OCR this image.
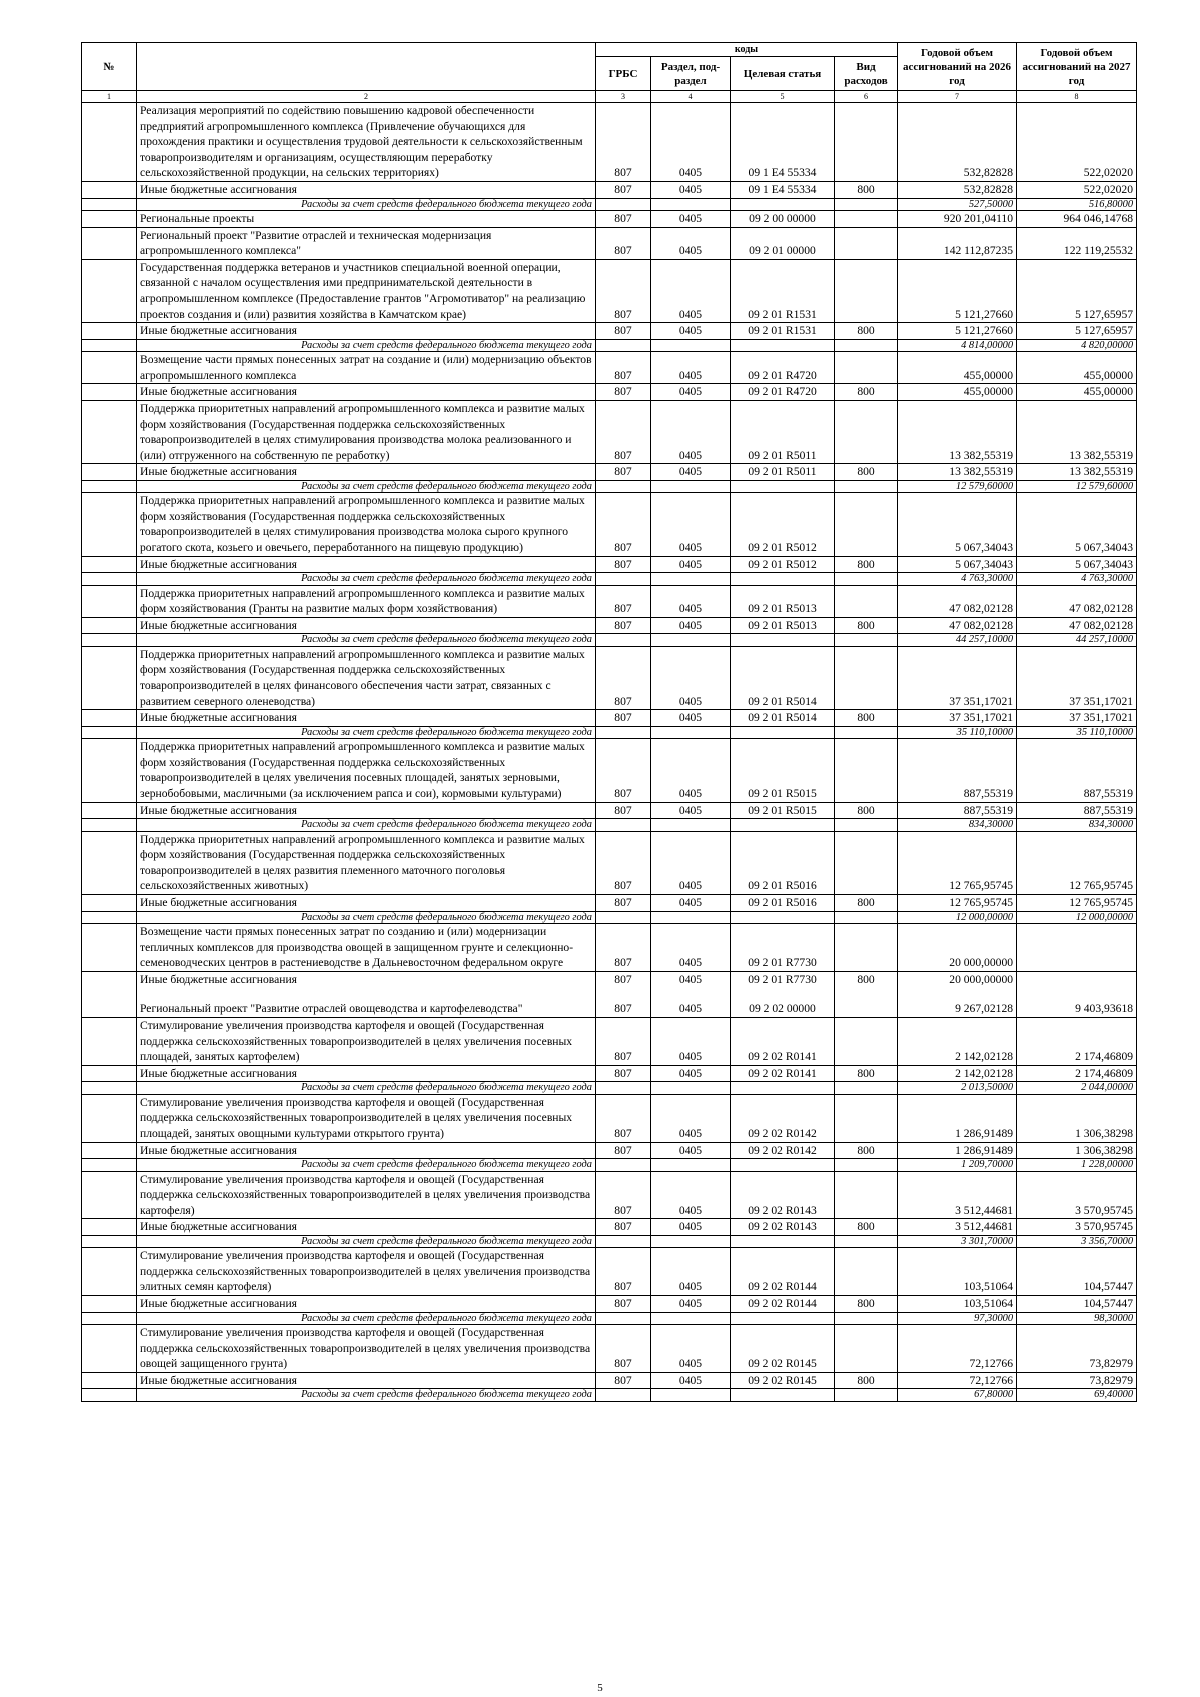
№		коды				Годовой объем ассигнований на 2026 год	Годовой объем ассигнований на 2027 год
		ГРБС	Раздел, под-раздел	Целевая статья	Вид расходов		
1	2	3	4	5	6	7	8
	Реализация мероприятий по содействию повышению кадровой обеспеченности предприятий агропромышленного комплекса (Привлечение обучающихся для прохождения практики и осуществления трудовой деятельности к сельскохозяйственным товаропроизводителям и организациям, осуществляющим переработку сельскохозяйственной продукции, на сельских территориях)	807	0405	09 1 Е4 55334		532,82828	522,02020
	Иные бюджетные ассигнования	807	0405	09 1 Е4 55334	800	532,82828	522,02020
	Расходы за счет средств федерального бюджета текущего года					527,50000	516,80000
	Региональные проекты	807	0405	09 2 00 00000		920 201,04110	964 046,14768
	Региональный проект "Развитие отраслей и техническая модернизация агропромышленного комплекса"	807	0405	09 2 01 00000		142 112,87235	122 119,25532
	Государственная поддержка ветеранов и участников специальной военной операции, связанной с началом осуществления ими предпринимательской деятельности в агропромышленном комплексе (Предоставление грантов "Агромотиватор" на реализацию проектов создания и (или) развития хозяйства в Камчатском крае)	807	0405	09 2 01 R1531		5 121,27660	5 127,65957
	Иные бюджетные ассигнования	807	0405	09 2 01 R1531	800	5 121,27660	5 127,65957
	Расходы за счет средств федерального бюджета текущего года					4 814,00000	4 820,00000
	Возмещение части прямых понесенных затрат на создание и (или) модернизацию объектов агропромышленного комплекса	807	0405	09 2 01 R4720		455,00000	455,00000
	Иные бюджетные ассигнования	807	0405	09 2 01 R4720	800	455,00000	455,00000
	Поддержка приоритетных направлений агропромышленного комплекса и развитие малых форм хозяйствования (Государственная поддержка сельскохозяйственных товаропроизводителей в целях стимулирования производства молока реализованного и (или) отгруженного на собственную пе реработку)	807	0405	09 2 01 R5011		13 382,55319	13 382,55319
	Иные бюджетные ассигнования	807	0405	09 2 01 R5011	800	13 382,55319	13 382,55319
	Расходы за счет средств федерального бюджета текущего года					12 579,60000	12 579,60000
	Поддержка приоритетных направлений агропромышленного комплекса и развитие малых форм хозяйствования (Государственная поддержка сельскохозяйственных товаропроизводителей в целях стимулирования производства молока сырого крупного рогатого скота, козьего и овечьего, переработанного на пищевую продукцию)	807	0405	09 2 01 R5012		5 067,34043	5 067,34043
	Иные бюджетные ассигнования	807	0405	09 2 01 R5012	800	5 067,34043	5 067,34043
	Расходы за счет средств федерального бюджета текущего года					4 763,30000	4 763,30000
	Поддержка приоритетных направлений агропромышленного комплекса и развитие малых форм хозяйствования (Гранты на развитие малых форм хозяйствования)	807	0405	09 2 01 R5013		47 082,02128	47 082,02128
	Иные бюджетные ассигнования	807	0405	09 2 01 R5013	800	47 082,02128	47 082,02128
	Расходы за счет средств федерального бюджета текущего года					44 257,10000	44 257,10000
	Поддержка приоритетных направлений агропромышленного комплекса и развитие малых форм хозяйствования (Государственная поддержка сельскохозяйственных товаропроизводителей в целях финансового обеспечения части затрат, связанных с развитием северного оленеводства)	807	0405	09 2 01 R5014		37 351,17021	37 351,17021
	Иные бюджетные ассигнования	807	0405	09 2 01 R5014	800	37 351,17021	37 351,17021
	Расходы за счет средств федерального бюджета текущего года					35 110,10000	35 110,10000
	Поддержка приоритетных направлений агропромышленного комплекса и развитие малых форм хозяйствования (Государственная поддержка сельскохозяйственных товаропроизводителей в целях увеличения посевных площадей, занятых зерновыми, зернобобовыми, масличными (за исключением рапса и сои), кормовыми культурами)	807	0405	09 2 01 R5015		887,55319	887,55319
	Иные бюджетные ассигнования	807	0405	09 2 01 R5015	800	887,55319	887,55319
	Расходы за счет средств федерального бюджета текущего года					834,30000	834,30000
	Поддержка приоритетных направлений агропромышленного комплекса и развитие малых форм хозяйствования (Государственная поддержка сельскохозяйственных товаропроизводителей в целях развития племенного маточного поголовья сельскохозяйственных животных)	807	0405	09 2 01 R5016		12 765,95745	12 765,95745
	Иные бюджетные ассигнования	807	0405	09 2 01 R5016	800	12 765,95745	12 765,95745
	Расходы за счет средств федерального бюджета текущего года					12 000,00000	12 000,00000
	Возмещение части прямых понесенных затрат по созданию и (или) модернизации тепличных комплексов для производства овощей в защищенном грунте и селекционно-семеноводческих центров в растениеводстве в Дальневосточном федеральном округе	807	0405	09 2 01 R7730		20 000,00000	
	Иные бюджетные ассигнования	807	0405	09 2 01 R7730	800	20 000,00000	

	Региональный проект "Развитие отраслей овощеводства и картофелеводства"	807	0405	09 2 02 00000		9 267,02128	9 403,93618
	Стимулирование увеличения производства картофеля и овощей (Государственная поддержка сельскохозяйственных товаропроизводителей в целях увеличения посевных площадей, занятых картофелем)	807	0405	09 2 02 R0141		2 142,02128	2 174,46809
	Иные бюджетные ассигнования	807	0405	09 2 02 R0141	800	2 142,02128	2 174,46809
	Расходы за счет средств федерального бюджета текущего года					2 013,50000	2 044,00000
	Стимулирование увеличения производства картофеля и овощей (Государственная поддержка сельскохозяйственных товаропроизводителей в целях увеличения посевных площадей, занятых овощными культурами открытого грунта)	807	0405	09 2 02 R0142		1 286,91489	1 306,38298
	Иные бюджетные ассигнования	807	0405	09 2 02 R0142	800	1 286,91489	1 306,38298
	Расходы за счет средств федерального бюджета текущего года					1 209,70000	1 228,00000
	Стимулирование увеличения производства картофеля и овощей (Государственная поддержка сельскохозяйственных товаропроизводителей в целях увеличения производства картофеля)	807	0405	09 2 02 R0143		3 512,44681	3 570,95745
	Иные бюджетные ассигнования	807	0405	09 2 02 R0143	800	3 512,44681	3 570,95745
	Расходы за счет средств федерального бюджета текущего года					3 301,70000	3 356,70000
	Стимулирование увеличения производства картофеля и овощей (Государственная поддержка сельскохозяйственных товаропроизводителей в целях увеличения производства элитных семян картофеля)	807	0405	09 2 02 R0144		103,51064	104,57447
	Иные бюджетные ассигнования	807	0405	09 2 02 R0144	800	103,51064	104,57447
	Расходы за счет средств федерального бюджета текущего года					97,30000	98,30000
	Стимулирование увеличения производства картофеля и овощей (Государственная поддержка сельскохозяйственных товаропроизводителей в целях увеличения производства овощей защищенного грунта)	807	0405	09 2 02 R0145		72,12766	73,82979
	Иные бюджетные ассигнования	807	0405	09 2 02 R0145	800	72,12766	73,82979
	Расходы за счет средств федерального бюджета текущего года					67,80000	69,40000
5
